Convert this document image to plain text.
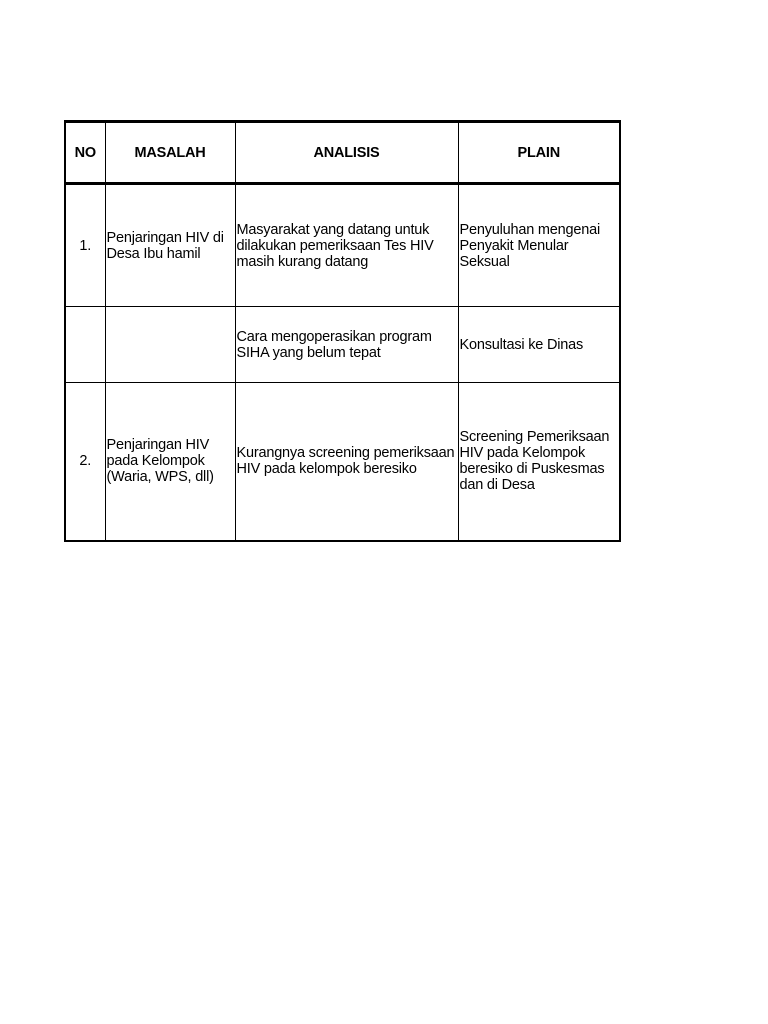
NO	MASALAH	ANALISIS	PLAIN
1.	Penjaringan HIV di Desa Ibu hamil	Masyarakat yang datang untuk dilakukan pemeriksaan Tes HIV masih kurang datang	Penyuluhan mengenai Penyakit Menular Seksual
		Cara mengoperasikan program SIHA yang belum tepat	Konsultasi ke Dinas
2.	Penjaringan HIV pada Kelompok (Waria, WPS, dll)	Kurangnya screening pemeriksaan HIV pada kelompok beresiko	Screening Pemeriksaan HIV pada Kelompok beresiko di Puskesmas dan di Desa
